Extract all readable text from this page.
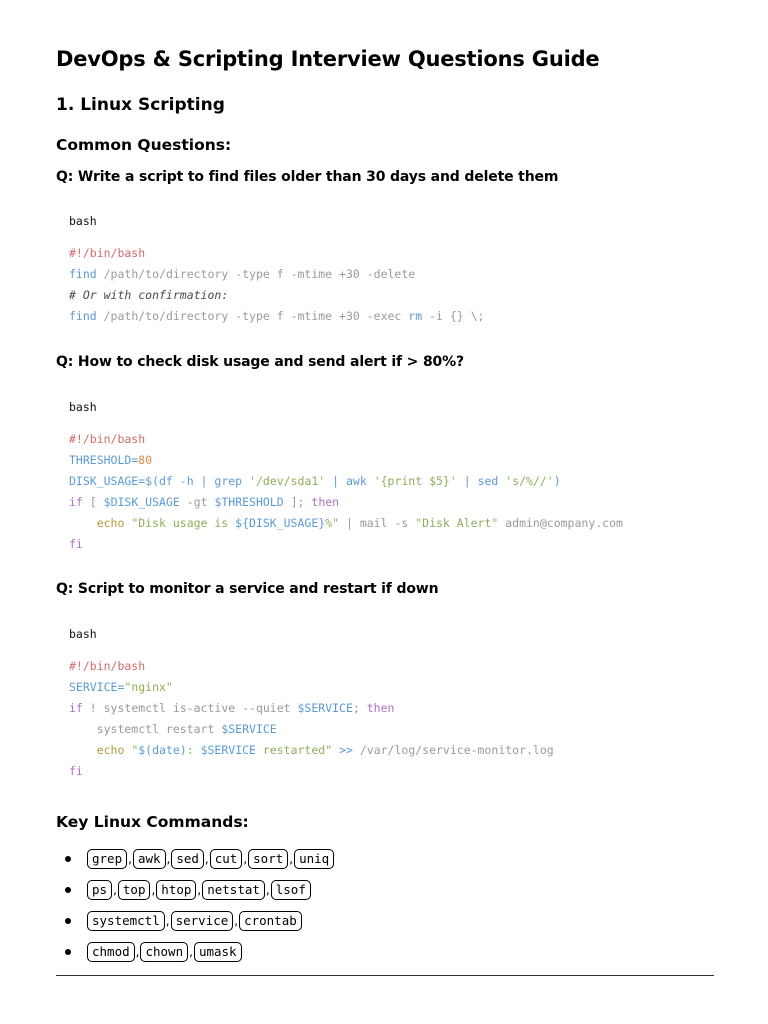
DevOps & Scripting Interview Questions Guide
1. Linux Scripting
Common Questions:
Q: Write a script to find files older than 30 days and delete them
bash
#!/bin/bash
find /path/to/directory -type f -mtime +30 -delete
# Or with confirmation:
find /path/to/directory -type f -mtime +30 -exec rm -i {} \;
Q: How to check disk usage and send alert if > 80%?
bash
#!/bin/bash
THRESHOLD=80
DISK_USAGE=$(df -h | grep '/dev/sda1' | awk '{print $5}' | sed 's/%//')
if [ $DISK_USAGE -gt $THRESHOLD ]; then
echo "Disk usage is ${DISK_USAGE}%" | mail -s "Disk Alert" admin@company.com
fi
Q: Script to monitor a service and restart if down
bash
#!/bin/bash
SERVICE="nginx"
if ! systemctl is-active --quiet $SERVICE; then
systemctl restart $SERVICE
echo "$(date): $SERVICE restarted" >> /var/log/service-monitor.log
fi
Key Linux Commands:
grep , awk , sed , cut , sort , uniq
ps , top , htop , netstat , lsof
systemctl , service , crontab
chmod , chown , umask
